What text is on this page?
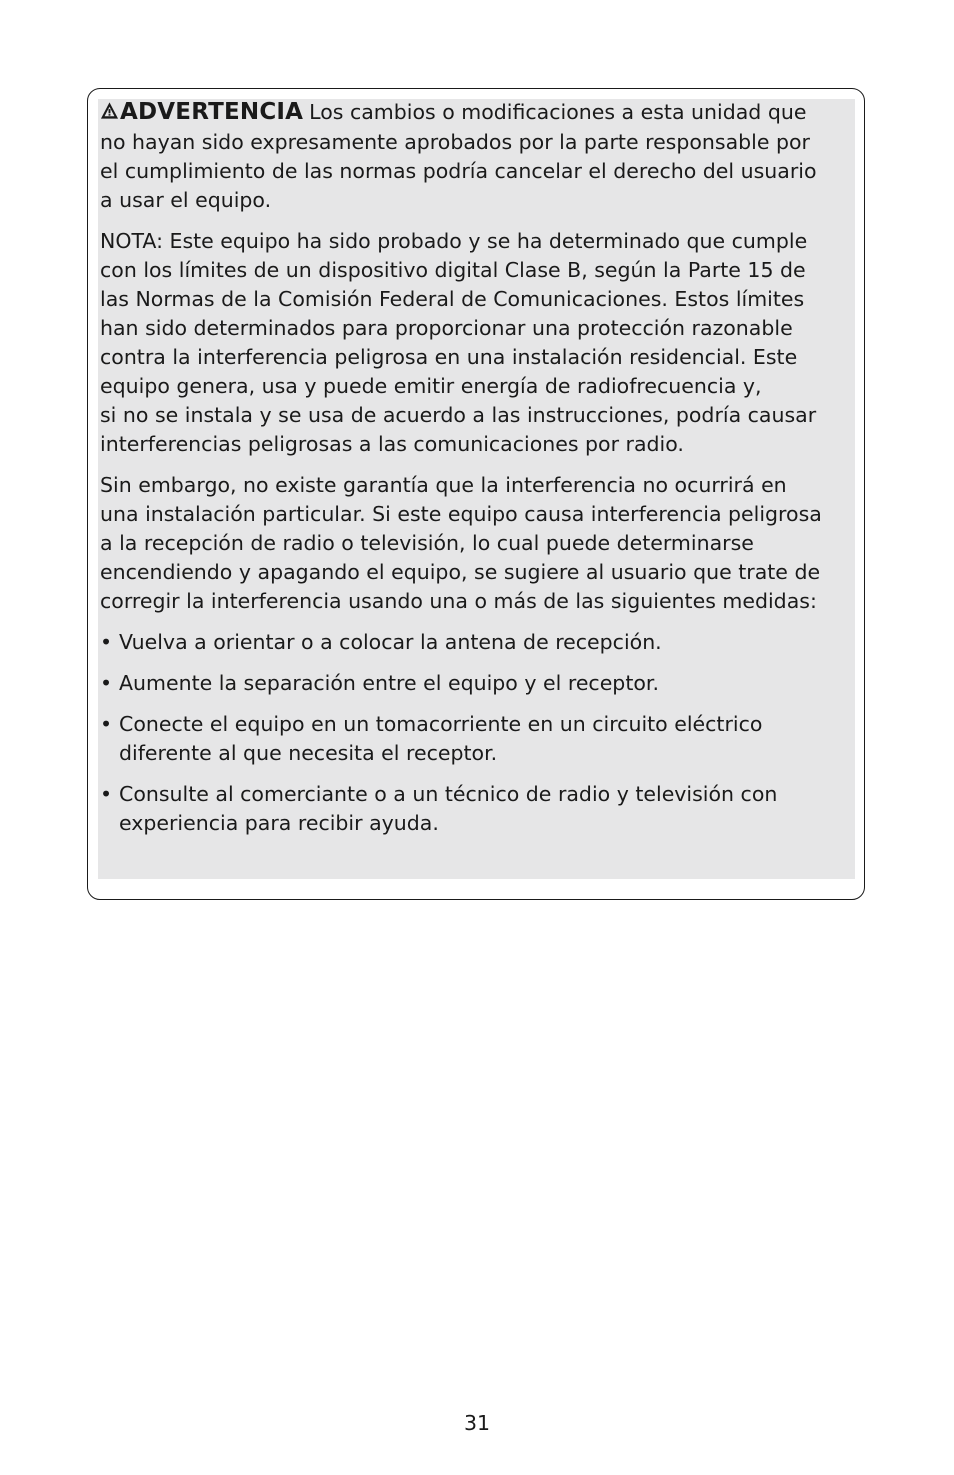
ADVERTENCIA Los cambios o modificaciones a esta unidad que
no hayan sido expresamente aprobados por la parte responsable por
el cumplimiento de las normas podría cancelar el derecho del usuario
a usar el equipo.

NOTA: Este equipo ha sido probado y se ha determinado que cumple
con los límites de un dispositivo digital Clase B, según la Parte 15 de
las Normas de la Comisión Federal de Comunicaciones. Estos límites
han sido determinados para proporcionar una protección razonable
contra la interferencia peligrosa en una instalación residencial. Este
equipo genera, usa y puede emitir energía de radiofrecuencia y,
si no se instala y se usa de acuerdo a las instrucciones, podría causar
interferencias peligrosas a las comunicaciones por radio.

Sin embargo, no existe garantía que la interferencia no ocurrirá en
una instalación particular. Si este equipo causa interferencia peligrosa
a la recepción de radio o televisión, lo cual puede determinarse
encendiendo y apagando el equipo, se sugiere al usuario que trate de
corregir la interferencia usando una o más de las siguientes medidas:

• Vuelva a orientar o a colocar la antena de recepción.
• Aumente la separación entre el equipo y el receptor.
• Conecte el equipo en un tomacorriente en un circuito eléctrico
diferente al que necesita el receptor.
• Consulte al comerciante o a un técnico de radio y televisión con
experiencia para recibir ayuda.
31
